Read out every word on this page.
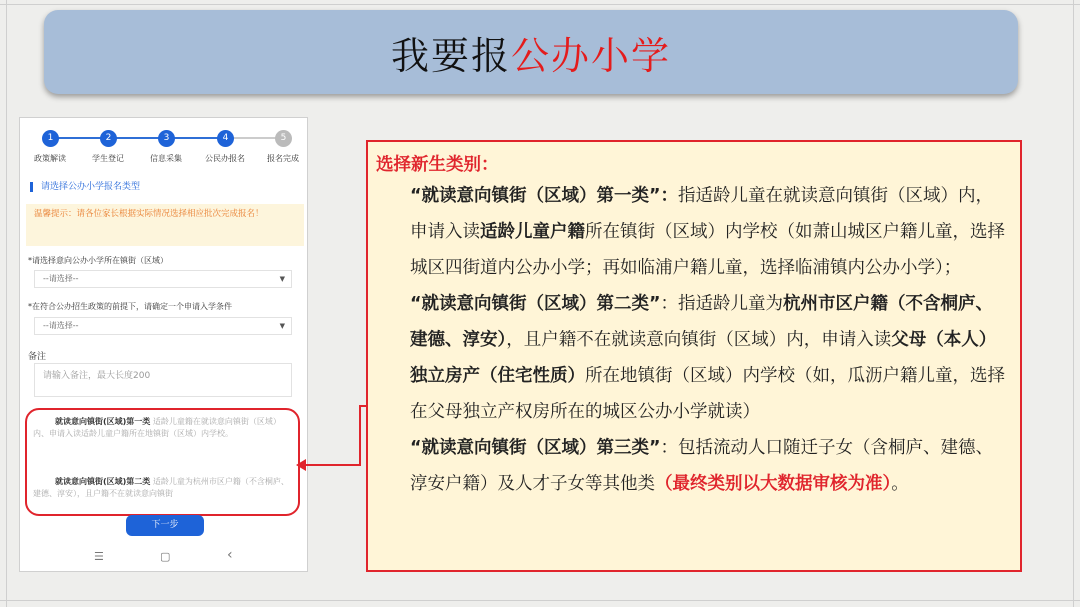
我要报 公办小学
1	2	3	4	5
政策解读	学生登记	信息采集	公民办报名	报名完成
请选择公办小学报名类型
温馨提示：请各位家长根据实际情况选择相应批次完成报名！
*请选择意向公办小学所在镇街（区域）
--请选择--	▼
*在符合公办招生政策的前提下，请确定一个申请入学条件
--请选择--	▼
备注
请输入备注，最大长度200
就读意向镇街(区域)第一类 适龄儿童籍在就读意向镇街（区域）内、申请入读适龄儿童户籍所在地镇街（区域）内学校。
就读意向镇街(区域)第二类 适龄儿童为杭州市区户籍（不含桐庐、建德、淳安），且户籍不在就读意向镇街
下一步
☰	▢	‹

选择新生类别：

“就读意向镇街（区域）第一类”：指适龄儿童在就读意向镇街（区域）内，申请入读适龄儿童户籍所在镇街（区域）内学校（如萧山城区户籍儿童，选择城区四街道内公办小学；再如临浦户籍儿童，选择临浦镇内公办小学）；

“就读意向镇街（区域）第二类”：指适龄儿童为杭州市区户籍（不含桐庐、建德、淳安），且户籍不在就读意向镇街（区域）内，申请入读父母（本人）独立房产（住宅性质）所在地镇街（区域）内学校（如，瓜沥户籍儿童，选择在父母独立产权房所在的城区公办小学就读）

“就读意向镇街（区域）第三类”：包括流动人口随迁子女（含桐庐、建德、淳安户籍）及人才子女等其他类（最终类别以大数据审核为准）。
